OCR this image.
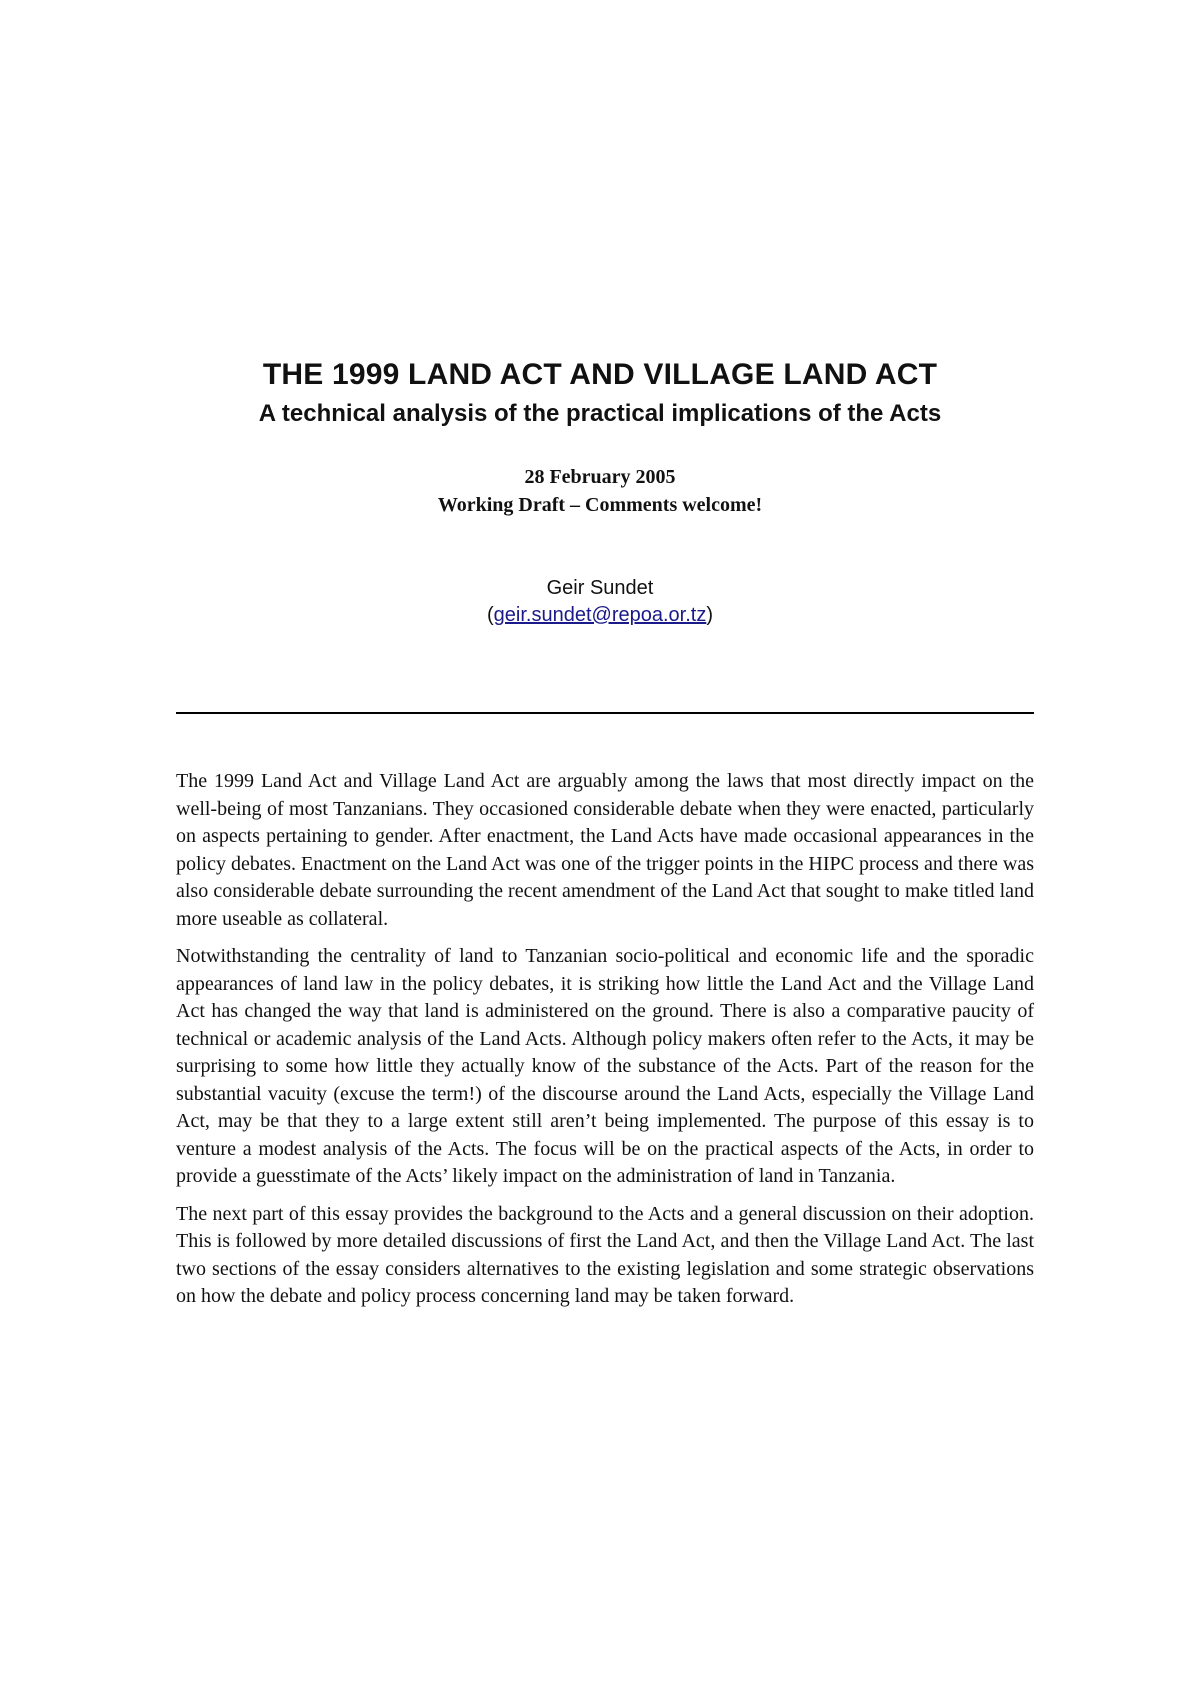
THE 1999 LAND ACT AND VILLAGE LAND ACT
A technical analysis of the practical implications of the Acts
28 February 2005
Working Draft – Comments welcome!
Geir Sundet
(geir.sundet@repoa.or.tz)

The 1999 Land Act and Village Land Act are arguably among the laws that most directly impact on the well-being of most Tanzanians. They occasioned considerable debate when they were enacted, particularly on aspects pertaining to gender. After enactment, the Land Acts have made occasional appearances in the policy debates. Enactment on the Land Act was one of the trigger points in the HIPC process and there was also considerable debate surrounding the recent amendment of the Land Act that sought to make titled land more useable as collateral.

Notwithstanding the centrality of land to Tanzanian socio-political and economic life and the sporadic appearances of land law in the policy debates, it is striking how little the Land Act and the Village Land Act has changed the way that land is administered on the ground. There is also a comparative paucity of technical or academic analysis of the Land Acts. Although policy makers often refer to the Acts, it may be surprising to some how little they actually know of the substance of the Acts. Part of the reason for the substantial vacuity (excuse the term!) of the discourse around the Land Acts, especially the Village Land Act, may be that they to a large extent still aren’t being implemented. The purpose of this essay is to venture a modest analysis of the Acts. The focus will be on the practical aspects of the Acts, in order to provide a guesstimate of the Acts’ likely impact on the administration of land in Tanzania.

The next part of this essay provides the background to the Acts and a general discussion on their adoption. This is followed by more detailed discussions of first the Land Act, and then the Village Land Act. The last two sections of the essay considers alternatives to the existing legislation and some strategic observations on how the debate and policy process concerning land may be taken forward.
